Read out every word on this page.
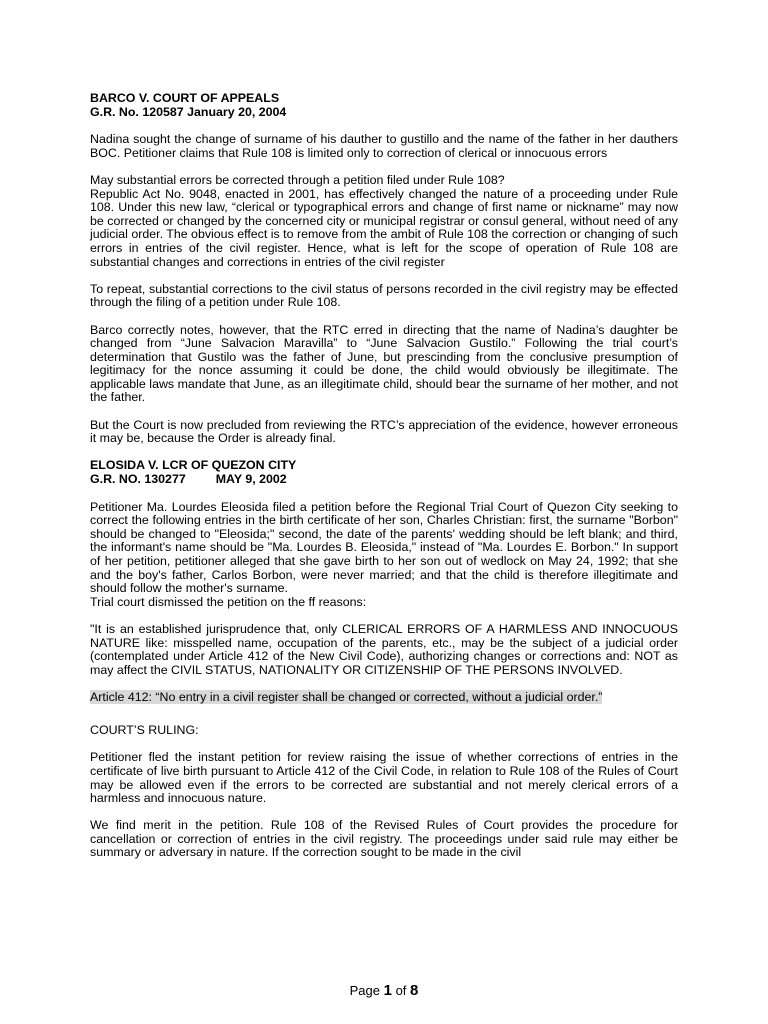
BARCO V. COURT OF APPEALS
G.R. No. 120587 January 20, 2004

Nadina sought the change of surname of his dauther to gustillo and the name of the father in her dauthers BOC. Petitioner claims that Rule 108 is limited only to correction of clerical or innocuous errors

May substantial errors be corrected through a petition filed under Rule 108?

Republic Act No. 9048, enacted in 2001, has effectively changed the nature of a proceeding under Rule 108. Under this new law, “clerical or typographical errors and change of first name or nickname” may now be corrected or changed by the concerned city or municipal registrar or consul general, without need of any judicial order. The obvious effect is to remove from the ambit of Rule 108 the correction or changing of such errors in entries of the civil register. Hence, what is left for the scope of operation of Rule 108 are substantial changes and corrections in entries of the civil register

To repeat, substantial corrections to the civil status of persons recorded in the civil registry may be effected through the filing of a petition under Rule 108.

Barco correctly notes, however, that the RTC erred in directing that the name of Nadina’s daughter be changed from “June Salvacion Maravilla” to “June Salvacion Gustilo.” Following the trial court’s determination that Gustilo was the father of June, but prescinding from the conclusive presumption of legitimacy for the nonce assuming it could be done, the child would obviously be illegitimate. The applicable laws mandate that June, as an illegitimate child, should bear the surname of her mother, and not the father.

But the Court is now precluded from reviewing the RTC’s appreciation of the evidence, however erroneous it may be, because the Order is already final.

ELOSIDA V. LCR OF QUEZON CITY
G.R. NO. 130277 MAY 9, 2002

Petitioner Ma. Lourdes Eleosida filed a petition before the Regional Trial Court of Quezon City seeking to correct the following entries in the birth certificate of her son, Charles Christian: first, the surname "Borbon" should be changed to "Eleosida;" second, the date of the parents' wedding should be left blank; and third, the informant's name should be "Ma. Lourdes B. Eleosida," instead of "Ma. Lourdes E. Borbon." In support of her petition, petitioner alleged that she gave birth to her son out of wedlock on May 24, 1992; that she and the boy's father, Carlos Borbon, were never married; and that the child is therefore illegitimate and should follow the mother's surname.

Trial court dismissed the petition on the ff reasons:

"It is an established jurisprudence that, only CLERICAL ERRORS OF A HARMLESS AND INNOCUOUS NATURE like: misspelled name, occupation of the parents, etc., may be the subject of a judicial order (contemplated under Article 412 of the New Civil Code), authorizing changes or corrections and: NOT as may affect the CIVIL STATUS, NATIONALITY OR CITIZENSHIP OF THE PERSONS INVOLVED.

Article 412: “No entry in a civil register shall be changed or corrected, without a judicial order.”

COURT’S RULING:

Petitioner fled the instant petition for review raising the issue of whether corrections of entries in the certificate of live birth pursuant to Article 412 of the Civil Code, in relation to Rule 108 of the Rules of Court may be allowed even if the errors to be corrected are substantial and not merely clerical errors of a harmless and innocuous nature.

We find merit in the petition. Rule 108 of the Revised Rules of Court provides the procedure for cancellation or correction of entries in the civil registry. The proceedings under said rule may either be summary or adversary in nature. If the correction sought to be made in the civil

Page 1 of 8
